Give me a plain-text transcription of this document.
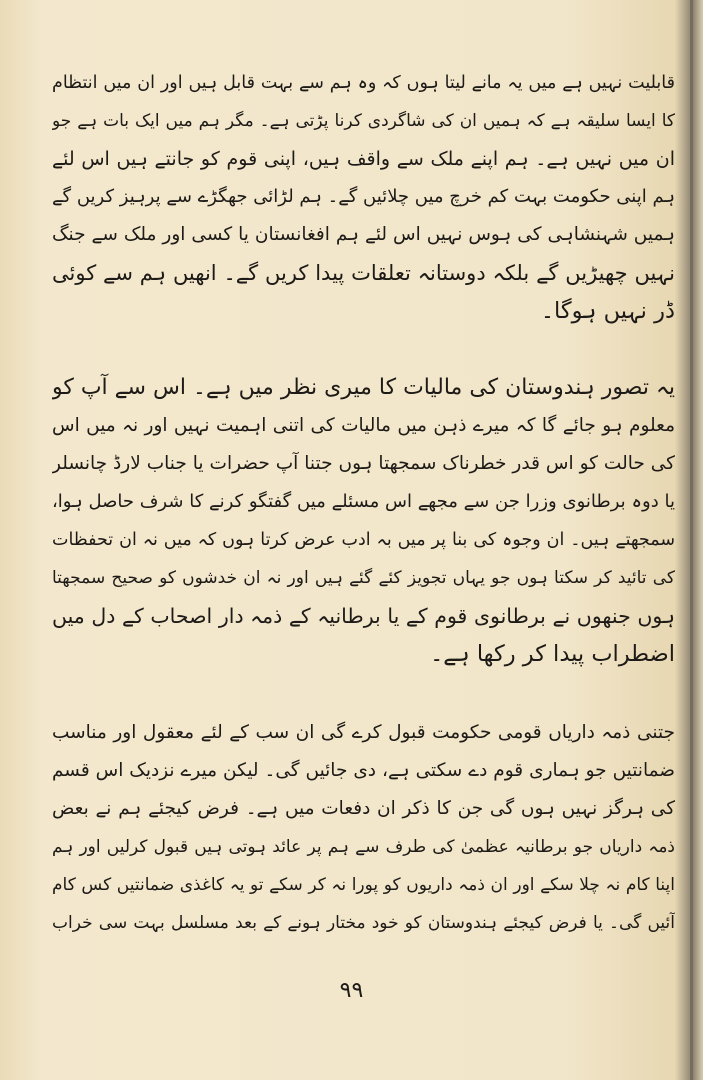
قابلیت نہیں ہے میں یہ مانے لیتا ہوں کہ وہ ہم سے بہت قابل ہیں اور ان میں انتظام
کا ایسا سلیقہ ہے کہ ہمیں ان کی شاگردی کرنا پڑتی ہے۔ مگر ہم میں ایک بات ہے جو
ان میں نہیں ہے۔ ہم اپنے ملک سے واقف ہیں، اپنی قوم کو جانتے ہیں اس لئے
ہم اپنی حکومت بہت کم خرچ میں چلائیں گے۔ ہم لڑائی جھگڑے سے پرہیز کریں گے
ہمیں شہنشاہی کی ہوس نہیں اس لئے ہم افغانستان یا کسی اور ملک سے جنگ
نہیں چھیڑیں گے بلکہ دوستانہ تعلقات پیدا کریں گے۔ انھیں ہم سے کوئی
ڈر نہیں ہوگا۔
یہ تصور ہندوستان کی مالیات کا میری نظر میں ہے۔ اس سے آپ کو
معلوم ہو جائے گا کہ میرے ذہن میں مالیات کی اتنی اہمیت نہیں اور نہ میں اس
کی حالت کو اس قدر خطرناک سمجھتا ہوں جتنا آپ حضرات یا جناب لارڈ چانسلر
یا دوہ برطانوی وزرا جن سے مجھے اس مسئلے میں گفتگو کرنے کا شرف حاصل ہوا،
سمجھتے ہیں۔ ان وجوہ کی بنا پر میں بہ ادب عرض کرتا ہوں کہ میں نہ ان تحفظات
کی تائید کر سکتا ہوں جو یہاں تجویز کئے گئے ہیں اور نہ ان خدشوں کو صحیح سمجھتا
ہوں جنھوں نے برطانوی قوم کے یا برطانیہ کے ذمہ دار اصحاب کے دل میں
اضطراب پیدا کر رکھا ہے۔
جتنی ذمہ داریاں قومی حکومت قبول کرے گی ان سب کے لئے معقول اور مناسب
ضمانتیں جو ہماری قوم دے سکتی ہے، دی جائیں گی۔ لیکن میرے نزدیک اس قسم
کی ہرگز نہیں ہوں گی جن کا ذکر ان دفعات میں ہے۔ فرض کیجئے ہم نے بعض
ذمہ داریاں جو برطانیہ عظمیٰ کی طرف سے ہم پر عائد ہوتی ہیں قبول کرلیں اور ہم
اپنا کام نہ چلا سکے اور ان ذمہ داریوں کو پورا نہ کر سکے تو یہ کاغذی ضمانتیں کس کام
آئیں گی۔ یا فرض کیجئے ہندوستان کو خود مختار ہونے کے بعد مسلسل بہت سی خراب
۹۹
